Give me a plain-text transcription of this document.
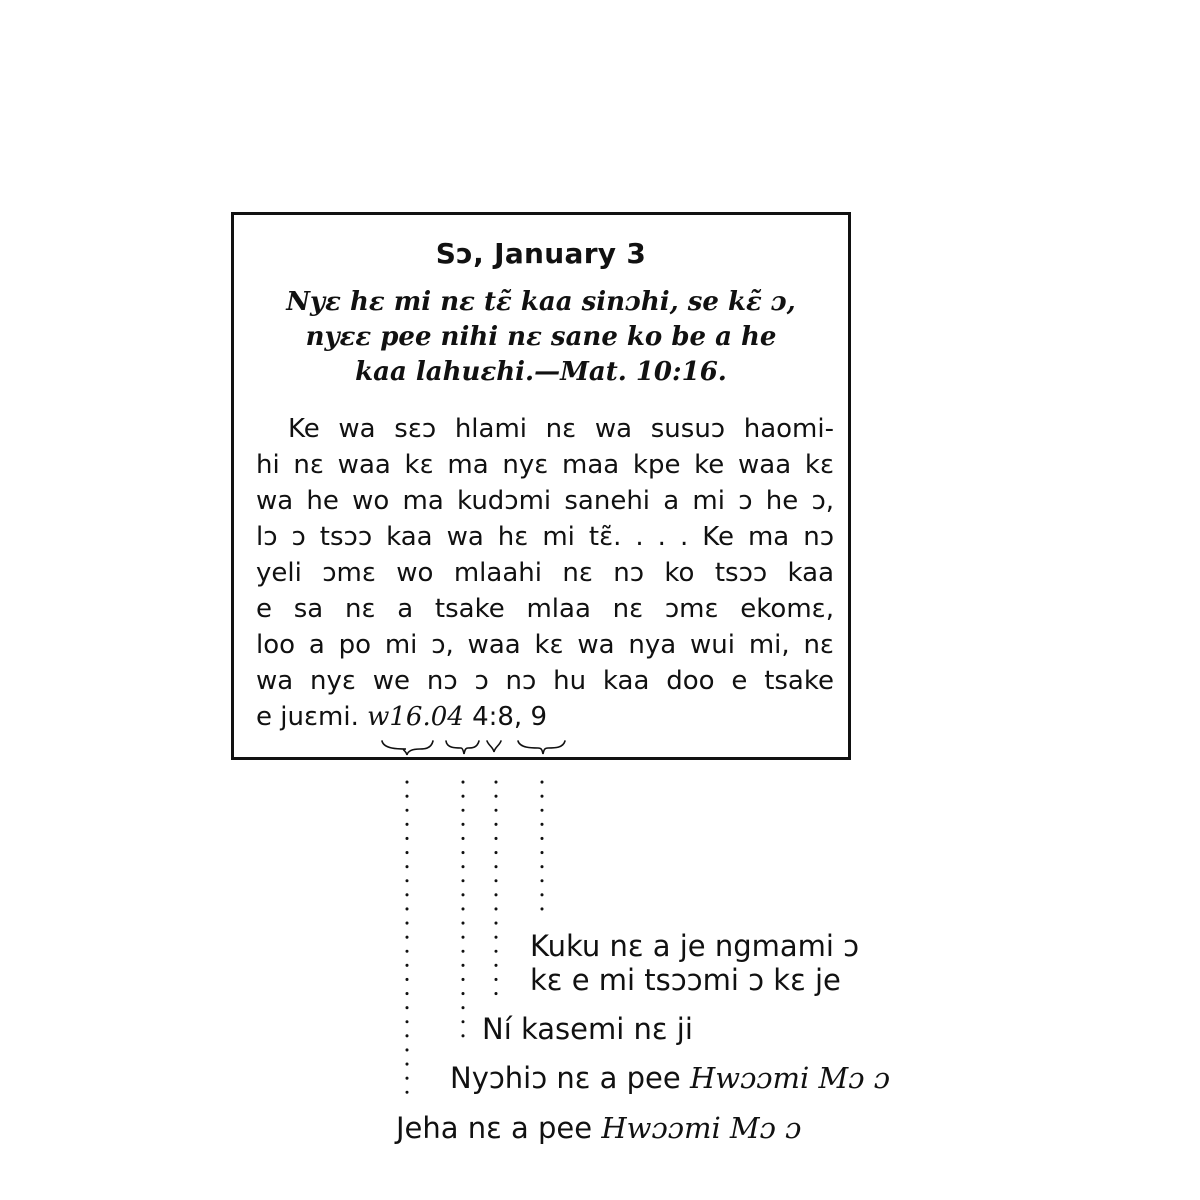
Sɔ, January 3
Nyɛ hɛ mi nɛ tɛ̃ kaa sinɔhi, se kɛ̃ ɔ,
nyɛɛ pee nihi nɛ sane ko be a he
kaa lahuɛhi.—Mat. 10:16.
Ke wa sɛɔ hlami nɛ wa susuɔ haomi-
hi nɛ waa kɛ ma nyɛ maa kpe ke waa kɛ
wa he wo ma kudɔmi sanehi a mi ɔ he ɔ,
lɔ ɔ tsɔɔ kaa wa hɛ mi tɛ̃. . . . Ke ma nɔ
yeli ɔmɛ wo mlaahi nɛ nɔ ko tsɔɔ kaa
e sa nɛ a tsake mlaa nɛ ɔmɛ ekomɛ,
loo a po mi ɔ, waa kɛ wa nya wui mi, nɛ
wa nyɛ we nɔ ɔ nɔ hu kaa doo e tsake
e juɛmi. w16.04 4:8, 9
Kuku nɛ a je ngmami ɔ
kɛ e mi tsɔɔmi ɔ kɛ je
Ní kasemi nɛ ji
Nyɔhiɔ nɛ a pee Hwɔɔmi Mɔ ɔ
Jeha nɛ a pee Hwɔɔmi Mɔ ɔ
